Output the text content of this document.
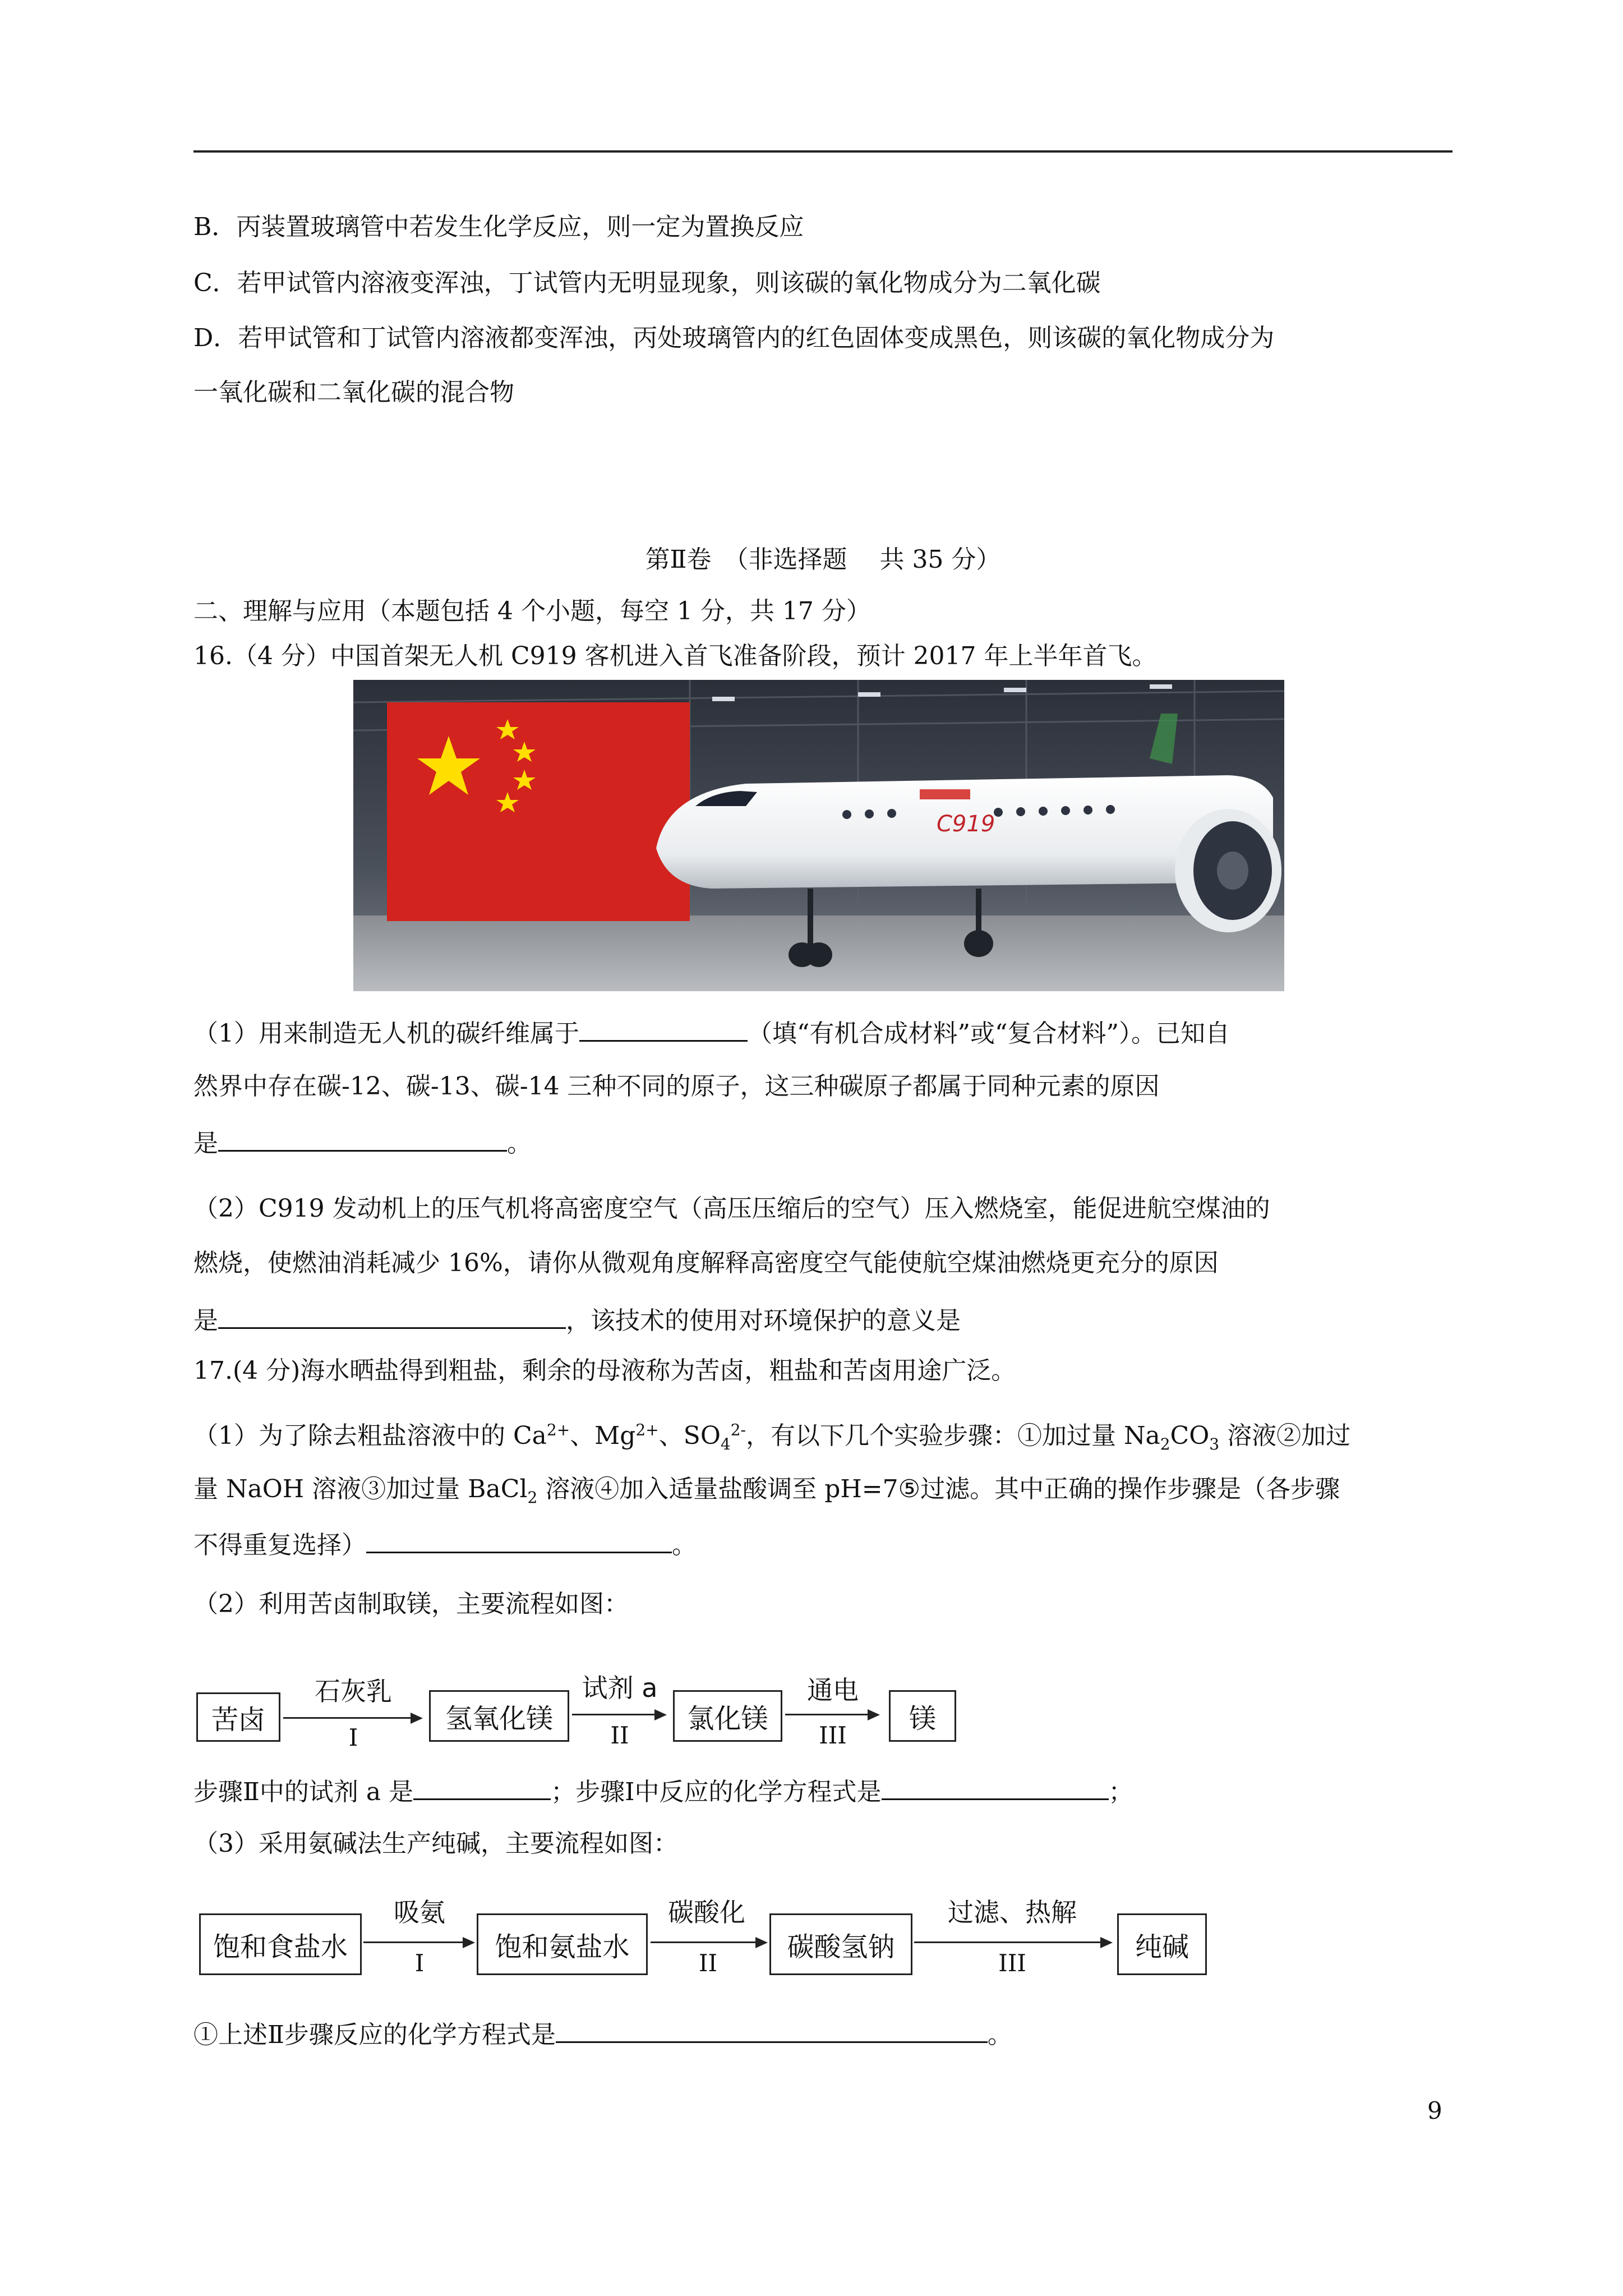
B．丙装置玻璃管中若发生化学反应，则一定为置换反应
C．若甲试管内溶液变浑浊，丁试管内无明显现象，则该碳的氧化物成分为二氧化碳
D．若甲试管和丁试管内溶液都变浑浊，丙处玻璃管内的红色固体变成黑色，则该碳的氧化物成分为
一氧化碳和二氧化碳的混合物
第Ⅱ卷　（非选择题　 共 35 分）
二、理解与应用（本题包括 4 个小题，每空 1 分，共 17 分）
16.（4 分）中国首架无人机 C919 客机进入首飞准备阶段，预计 2017 年上半年首飞。
C919
（1）用来制造无人机的碳纤维属于	（填“有机合成材料”或“复合材料”）。已知自
然界中存在碳-12、碳-13、碳-14 三种不同的原子，这三种碳原子都属于同种元素的原因
是	。
（2）C919 发动机上的压气机将高密度空气（高压压缩后的空气）压入燃烧室，能促进航空煤油的
燃烧，使燃油消耗减少 16%，请你从微观角度解释高密度空气能使航空煤油燃烧更充分的原因
是	，该技术的使用对环境保护的意义是
17.(4 分)海水晒盐得到粗盐，剩余的母液称为苦卤，粗盐和苦卤用途广泛。
（1）为了除去粗盐溶液中的 $Ca^{2+}$、$Mg^{2+}$、$SO_4^{2-}$，有以下几个实验步骤：①加过量 $Na_2CO_3$ 溶液②加过
量 NaOH 溶液③加过量 BaCl$_2$ 溶液④加入适量盐酸调至 pH=7⑤过滤。其中正确的操作步骤是（各步骤
不得重复选择）	。
（2）利用苦卤制取镁，主要流程如图：
苦卤
石灰乳
I
氢氧化镁
试剂 a
II
氯化镁
通电
III
镁
步骤Ⅱ中的试剂 a 是	；步骤Ⅰ中反应的化学方程式是	；
（3）采用氨碱法生产纯碱，主要流程如图：
饱和食盐水
吸氨
I
饱和氨盐水
碳酸化
II
碳酸氢钠
过滤、热解
III
纯碱
①上述Ⅱ步骤反应的化学方程式是	。
9
